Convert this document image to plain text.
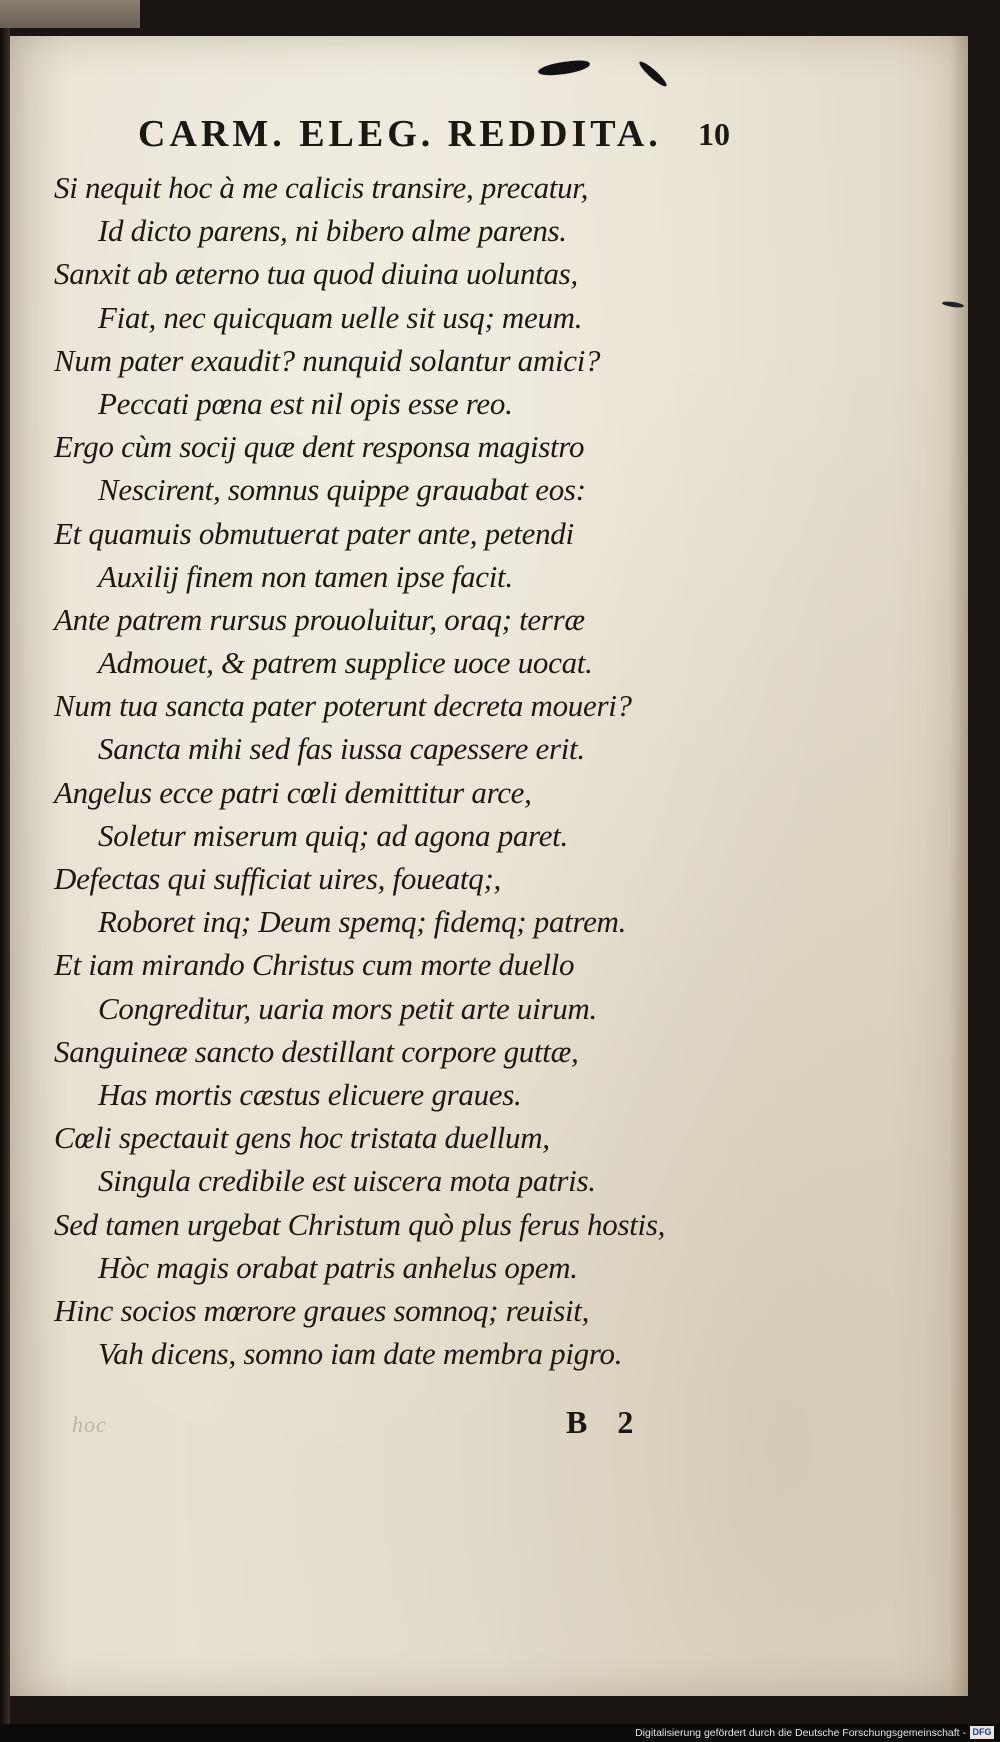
CARM. ELEG. REDDITA. 10
Si nequit hoc à me calicis transire, precatur,
Id dicto parens, ni bibero alme parens.
Sanxit ab æterno tua quod diuina uoluntas,
Fiat, nec quicquam uelle sit usq; meum.
Num pater exaudit? nunquid solantur amici?
Peccati pœna est nil opis esse reo.
Ergo cùm socij quæ dent responsa magistro
Nescirent, somnus quippe grauabat eos:
Et quamuis obmutuerat pater ante, petendi
Auxilij finem non tamen ipse facit.
Ante patrem rursus prouoluitur, oraq; terræ
Admouet, & patrem supplice uoce uocat.
Num tua sancta pater poterunt decreta moueri?
Sancta mihi sed fas iussa capessere erit.
Angelus ecce patri cœli demittitur arce,
Soletur miserum quiq; ad agona paret.
Defectas qui sufficiat uires, foueatq;,
Roboret inq; Deum spemq; fidemq; patrem.
Et iam mirando Christus cum morte duello
Congreditur, uaria mors petit arte uirum.
Sanguineæ sancto destillant corpore guttæ,
Has mortis cæstus elicuere graues.
Cœli spectauit gens hoc tristata duellum,
Singula credibile est uiscera mota patris.
Sed tamen urgebat Christum quò plus ferus hostis,
Hòc magis orabat patris anhelus opem.
Hinc socios mœrore graues somnoq; reuisit,
Vah dicens, somno iam date membra pigro.
hoc	B 2
Digitalisierung gefördert durch die Deutsche Forschungsgemeinschaft - DFG
